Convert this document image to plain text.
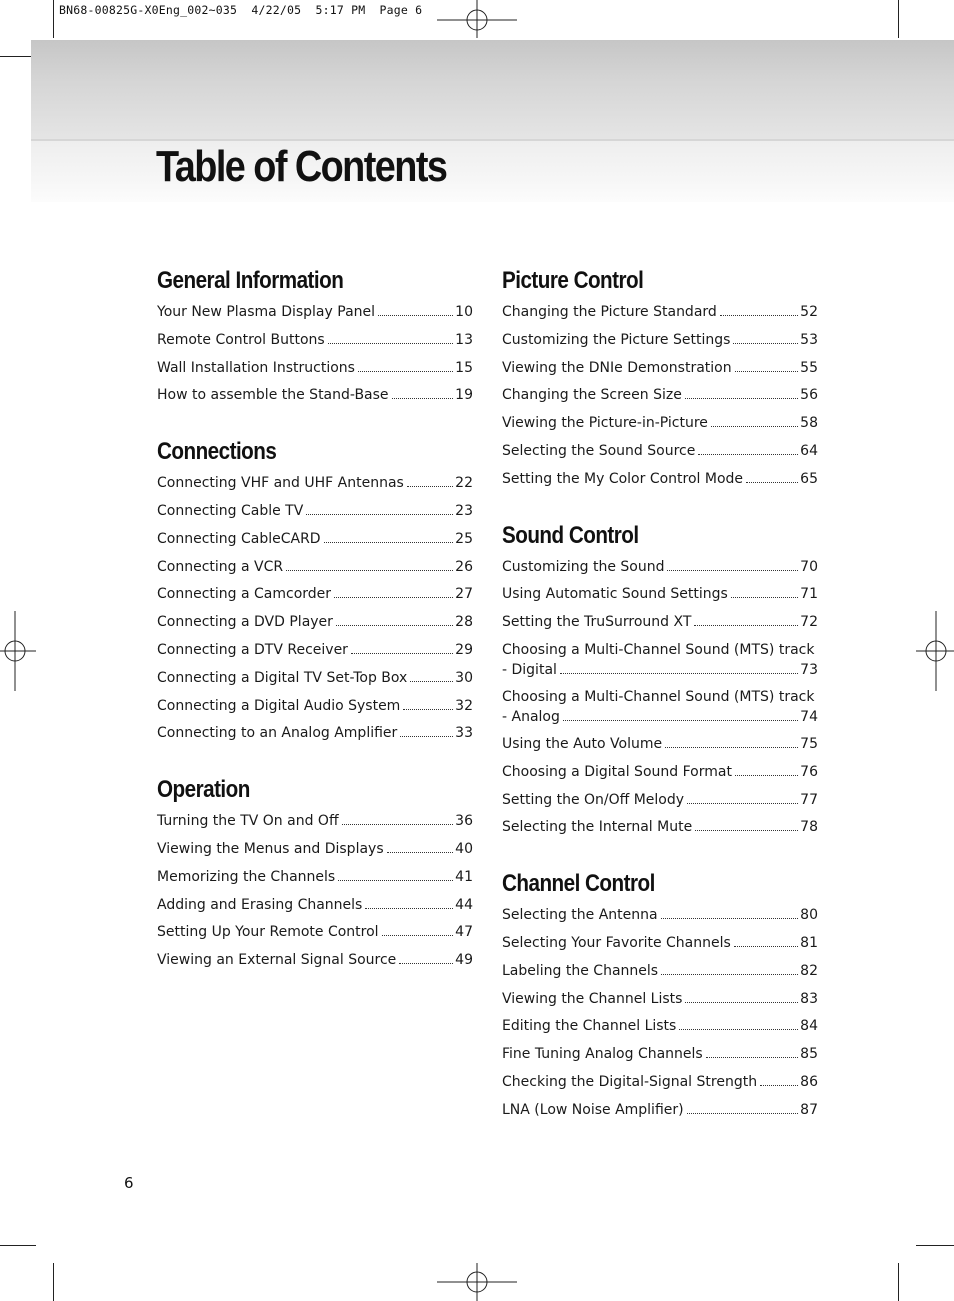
BN68-00825G-X0Eng_002~035  4/22/05  5:17 PM  Page 6
Table of Contents
General Information
Your New Plasma Display Panel	10
Remote Control Buttons	13
Wall Installation Instructions	15
How to assemble the Stand-Base	19
Connections
Connecting VHF and UHF Antennas	22
Connecting Cable TV	23
Connecting CableCARD	25
Connecting a VCR	26
Connecting a Camcorder	27
Connecting a DVD Player	28
Connecting a DTV Receiver	29
Connecting a Digital TV Set-Top Box	30
Connecting a Digital Audio System	32
Connecting to an Analog Amplifier	33
Operation
Turning the TV On and Off	36
Viewing the Menus and Displays	40
Memorizing the Channels	41
Adding and Erasing Channels	44
Setting Up Your Remote Control	47
Viewing an External Signal Source	49
Picture Control
Changing the Picture Standard	52
Customizing the Picture Settings	53
Viewing the DNIe Demonstration	55
Changing the Screen Size	56
Viewing the Picture-in-Picture	58
Selecting the Sound Source	64
Setting the My Color Control Mode	65
Sound Control
Customizing the Sound	70
Using Automatic Sound Settings	71
Setting the TruSurround XT	72
Choosing a Multi-Channel Sound (MTS) track
- Digital	73
Choosing a Multi-Channel Sound (MTS) track
- Analog	74
Using the Auto Volume	75
Choosing a Digital Sound Format	76
Setting the On/Off Melody	77
Selecting the Internal Mute	78
Channel Control
Selecting the Antenna	80
Selecting Your Favorite Channels	81
Labeling the Channels	82
Viewing the Channel Lists	83
Editing the Channel Lists	84
Fine Tuning Analog Channels	85
Checking the Digital-Signal Strength	86
LNA (Low Noise Amplifier)	87
6
